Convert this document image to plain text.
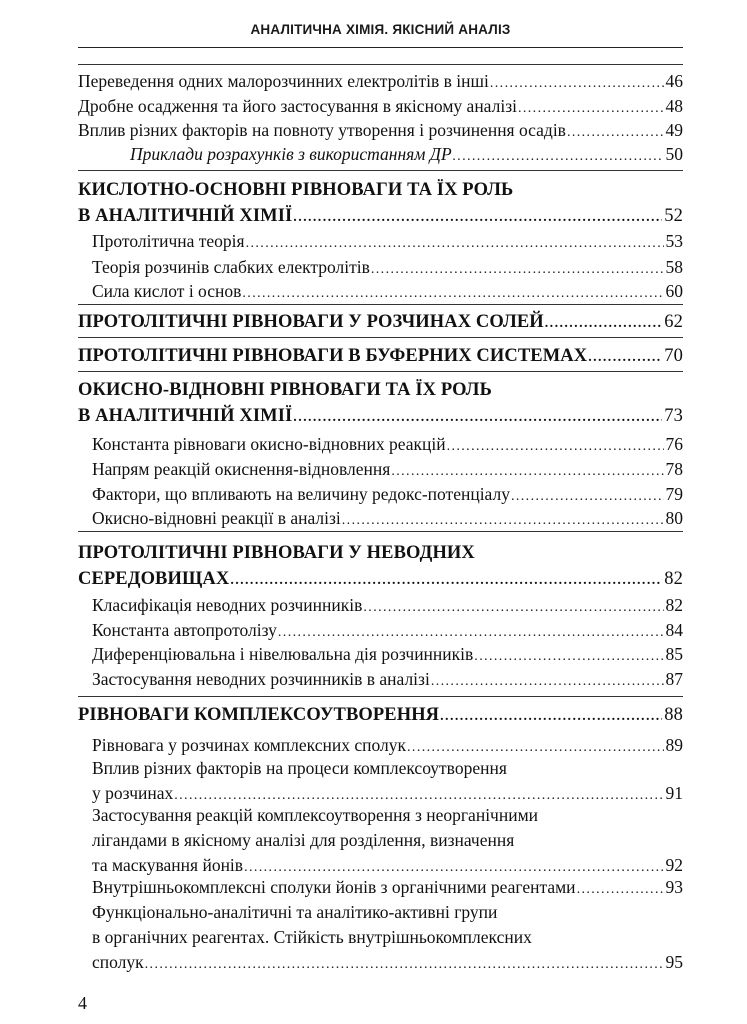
АНАЛІТИЧНА ХІМІЯ. ЯКІСНИЙ АНАЛІЗ
Переведення одних малорозчинних електролітів в інші .....	46
Дробне осадження та його застосування в якісному аналізі .....	48
Вплив різних факторів на повноту утворення і розчинення осадів .....	49
Приклади розрахунків з використанням ДР .....	50
КИСЛОТНО-ОСНОВНІ РІВНОВАГИ ТА ЇХ РОЛЬ
В АНАЛІТИЧНІЙ ХІМІЇ .....	52
Протолітична теорія .....	53
Теорія розчинів слабких електролітів .....	58
Сила кислот і основ .....	60
ПРОТОЛІТИЧНІ РІВНОВАГИ У РОЗЧИНАХ СОЛЕЙ .....	62
ПРОТОЛІТИЧНІ РІВНОВАГИ В БУФЕРНИХ СИСТЕМАХ .....	70
ОКИСНО-ВІДНОВНІ РІВНОВАГИ ТА ЇХ РОЛЬ
В АНАЛІТИЧНІЙ ХІМІЇ .....	73
Константа рівноваги окисно-відновних реакцій .....	76
Напрям реакцій окиснення-відновлення .....	78
Фактори, що впливають на величину редокс-потенціалу .....	79
Окисно-відновні реакції в аналізі .....	80
ПРОТОЛІТИЧНІ РІВНОВАГИ У НЕВОДНИХ
СЕРЕДОВИЩАХ .....	82
Класифікація неводних розчинників .....	82
Константа автопротолізу .....	84
Диференціювальна і нівелювальна дія розчинників .....	85
Застосування неводних розчинників в аналізі .....	87
РІВНОВАГИ КОМПЛЕКСОУТВОРЕННЯ .....	88
Рівновага у розчинах комплексних сполук .....	89
Вплив різних факторів на процеси комплексоутворення
у розчинах .....	91
Застосування реакцій комплексоутворення з неорганічними
лігандами в якісному аналізі для розділення, визначення
та маскування йонів .....	92
Внутрішньокомплексні сполуки йонів з органічними реагентами .....	93
Функціонально-аналітичні та аналітико-активні групи
в органічних реагентах. Стійкість внутрішньокомплексних
сполук .....	95
4
